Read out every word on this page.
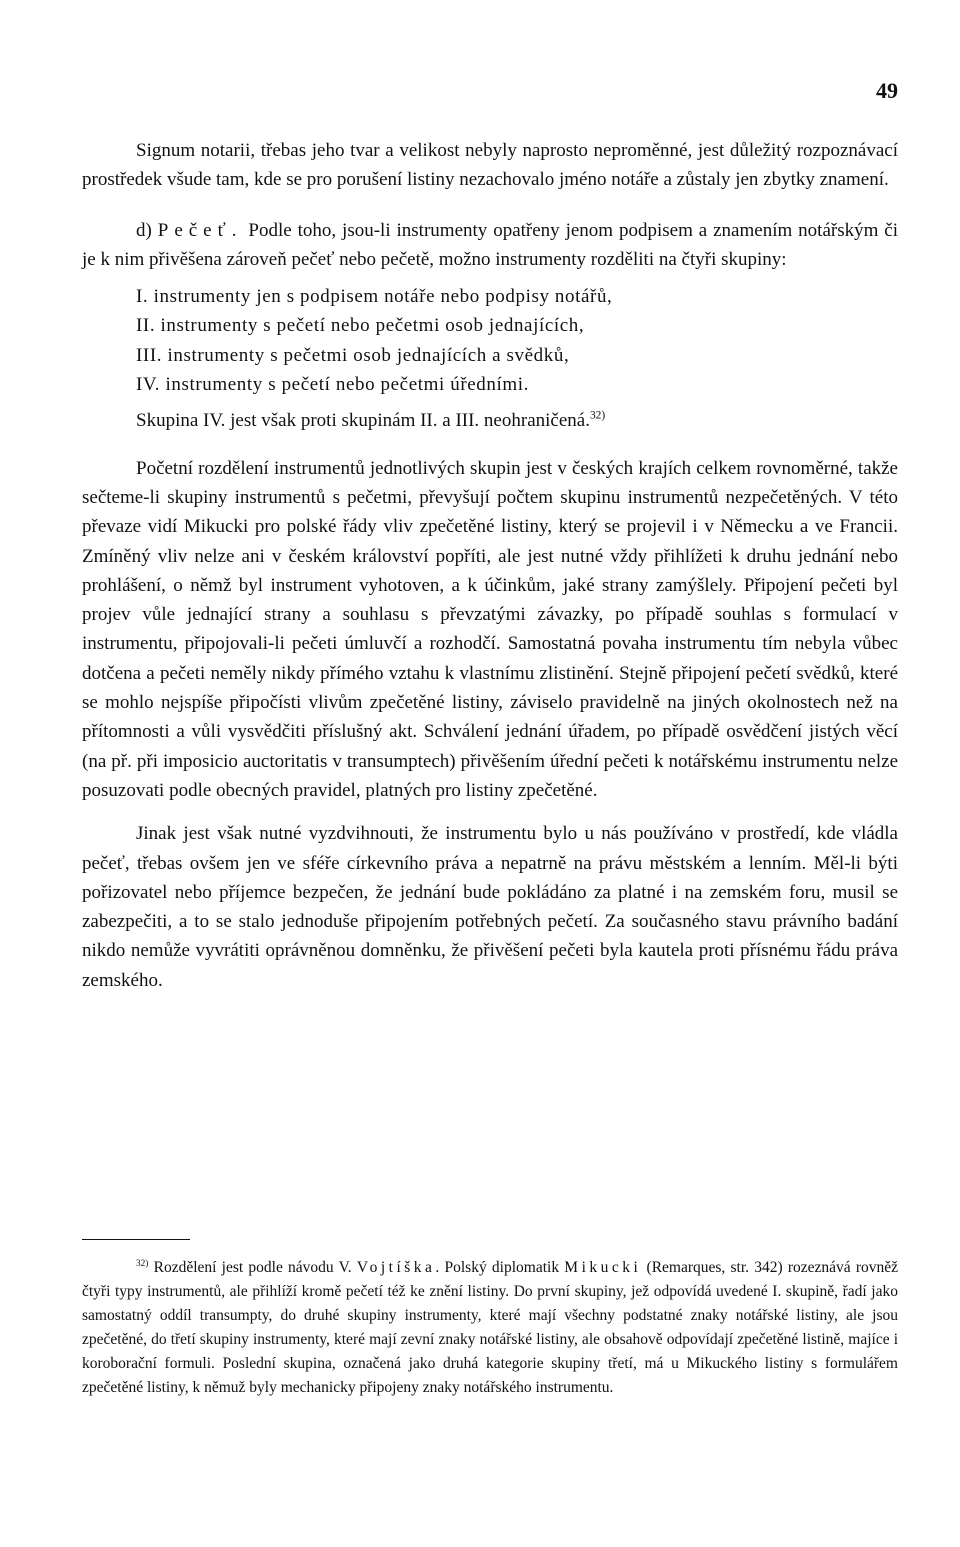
49

Signum notarii, třebas jeho tvar a velikost nebyly naprosto neproměnné, jest důležitý rozpoznávací prostředek všude tam, kde se pro porušení listiny nezachovalo jméno notáře a zůstaly jen zbytky znamení.

d) Pečeť. Podle toho, jsou-li instrumenty opatřeny jenom podpisem a znamením notářským či je k nim přivěšena zároveň pečeť nebo pečetě, možno instrumenty rozděliti na čtyři skupiny:

I. instrumenty jen s podpisem notáře nebo podpisy notářů,
II. instrumenty s pečetí nebo pečetmi osob jednajících,
III. instrumenty s pečetmi osob jednajících a svědků,
IV. instrumenty s pečetí nebo pečetmi úředními.

Skupina IV. jest však proti skupinám II. a III. neohraničená.$^{32)}$

Početní rozdělení instrumentů jednotlivých skupin jest v českých krajích celkem rovnoměrné, takže sečteme-li skupiny instrumentů s pečetmi, převyšují počtem skupinu instrumentů nezpečetěných. V této převaze vidí Mikucki pro polské řády vliv zpečetěné listiny, který se projevil i v Německu a ve Francii. Zmíněný vliv nelze ani v českém království popříti, ale jest nutné vždy přihlížeti k druhu jednání nebo prohlášení, o němž byl instrument vyhotoven, a k účinkům, jaké strany zamýšlely. Připojení pečeti byl projev vůle jednající strany a souhlasu s převzatými závazky, po případě souhlas s formulací v instrumentu, připojovali-li pečeti úmluvčí a rozhodčí. Samostatná povaha instrumentu tím nebyla vůbec dotčena a pečeti neměly nikdy přímého vztahu k vlastnímu zlistinění. Stejně připojení pečetí svědků, které se mohlo nejspíše připočísti vlivům zpečetěné listiny, záviselo pravidelně na jiných okolnostech než na přítomnosti a vůli vysvědčiti příslušný akt. Schválení jednání úřadem, po případě osvědčení jistých věcí (na př. při imposicio auctoritatis v transumptech) přivěšením úřední pečeti k notářskému instrumentu nelze posuzovati podle obecných pravidel, platných pro listiny zpečetěné.

Jinak jest však nutné vyzdvihnouti, že instrumentu bylo u nás používáno v prostředí, kde vládla pečeť, třebas ovšem jen ve sféře církevního práva a nepatrně na právu městském a lenním. Měl-li býti pořizovatel nebo příjemce bezpečen, že jednání bude pokládáno za platné i na zemském foru, musil se zabezpečiti, a to se stalo jednoduše připojením potřebných pečetí. Za současného stavu právního badání nikdo nemůže vyvrátiti oprávněnou domněnku, že přivěšení pečeti byla kautela proti přísnému řádu práva zemského.

$^{32)}$ Rozdělení jest podle návodu V. Vojtíška. Polský diplomatik Mikucki (Remarques, str. 342) rozeznává rovněž čtyři typy instrumentů, ale přihlíží kromě pečetí též ke znění listiny. Do první skupiny, jež odpovídá uvedené I. skupině, řadí jako samostatný oddíl transumpty, do druhé skupiny instrumenty, které mají všechny podstatné znaky notářské listiny, ale jsou zpečetěné, do třetí skupiny instrumenty, které mají zevní znaky notářské listiny, ale obsahově odpovídají zpečetěné listině, majíce i koroborační formuli. Poslední skupina, označená jako druhá kategorie skupiny třetí, má u Mikuckého listiny s formulářem zpečetěné listiny, k němuž byly mechanicky připojeny znaky notářského instrumentu.
